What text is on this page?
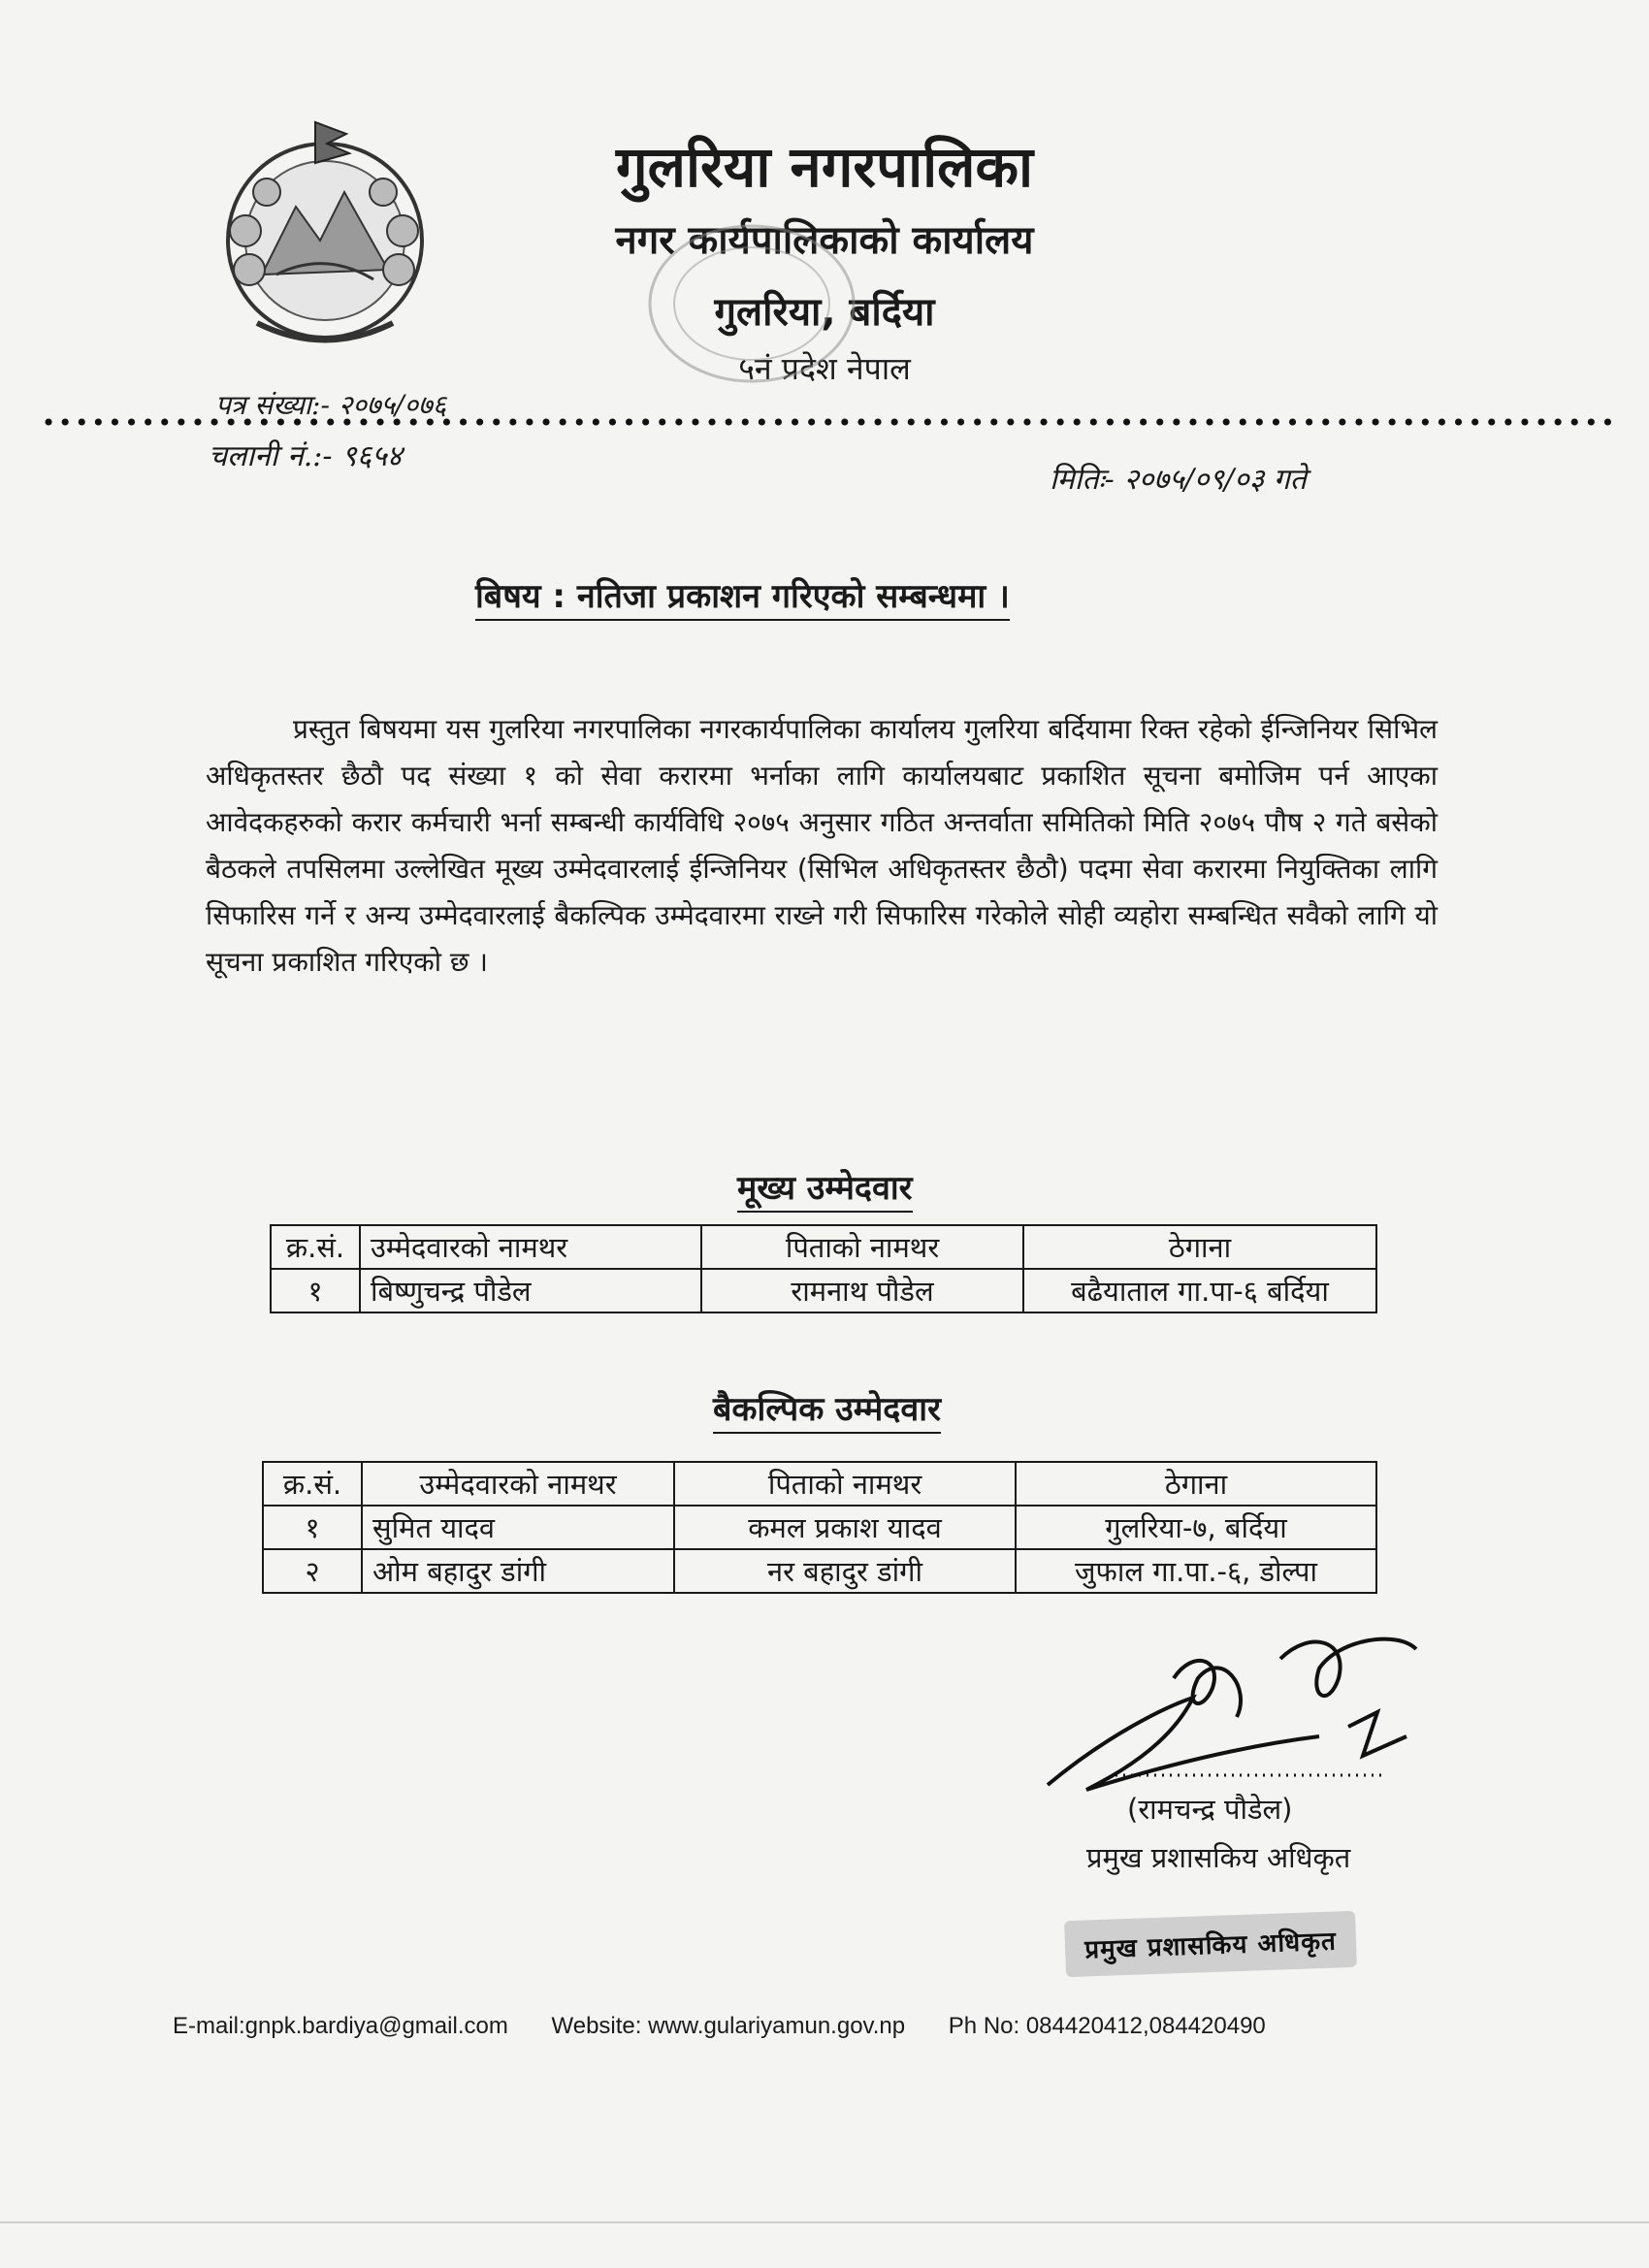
गुलरिया नगरपालिका
नगर कार्यपालिकाको कार्यालय
गुलरिया, बर्दिया
५नं प्रदेश नेपाल
पत्र संख्या:- २०७५/०७६
चलानी नं.:- ९६५४
मितिः- २०७५/०९/०३ गते
बिषय : नतिजा प्रकाशन गरिएको सम्बन्धमा ।
प्रस्तुत बिषयमा यस गुलरिया नगरपालिका नगरकार्यपालिका कार्यालय गुलरिया बर्दियामा रिक्त रहेको ईन्जिनियर सिभिल अधिकृतस्तर छैठौ पद संख्या १ को सेवा करारमा भर्नाका लागि कार्यालयबाट प्रकाशित सूचना बमोजिम पर्न आएका आवेदकहरुको करार कर्मचारी भर्ना सम्बन्धी कार्यविधि २०७५ अनुसार गठित अन्तर्वाता समितिको मिति २०७५ पौष २ गते बसेको बैठकले तपसिलमा उल्लेखित मूख्य उम्मेदवारलाई ईन्जिनियर (सिभिल अधिकृतस्तर छैठौ) पदमा सेवा करारमा नियुक्तिका लागि सिफारिस गर्ने र अन्य उम्मेदवारलाई बैकल्पिक उम्मेदवारमा राख्ने गरी सिफारिस गरेकोले सोही व्यहोरा सम्बन्धित सवैको लागि यो सूचना प्रकाशित गरिएको छ ।
मूख्य उम्मेदवार
क्र.सं.	उम्मेदवारको नामथर	पिताको नामथर	ठेगाना
१	बिष्णुचन्द्र पौडेल	रामनाथ पौडेल	बढैयाताल गा.पा-६ बर्दिया
बैकल्पिक उम्मेदवार
क्र.सं.	उम्मेदवारको नामथर	पिताको नामथर	ठेगाना
१	सुमित यादव	कमल प्रकाश यादव	गुलरिया-७, बर्दिया
२	ओम बहादुर डांगी	नर बहादुर डांगी	जुफाल गा.पा.-६, डोल्पा
(रामचन्द्र पौडेल)
प्रमुख प्रशासकिय अधिकृत
प्रमुख प्रशासकिय अधिकृत
E-mail:gnpk.bardiya@gmail.com Website: www.gulariyamun.gov.np Ph No: 084420412,084420490
